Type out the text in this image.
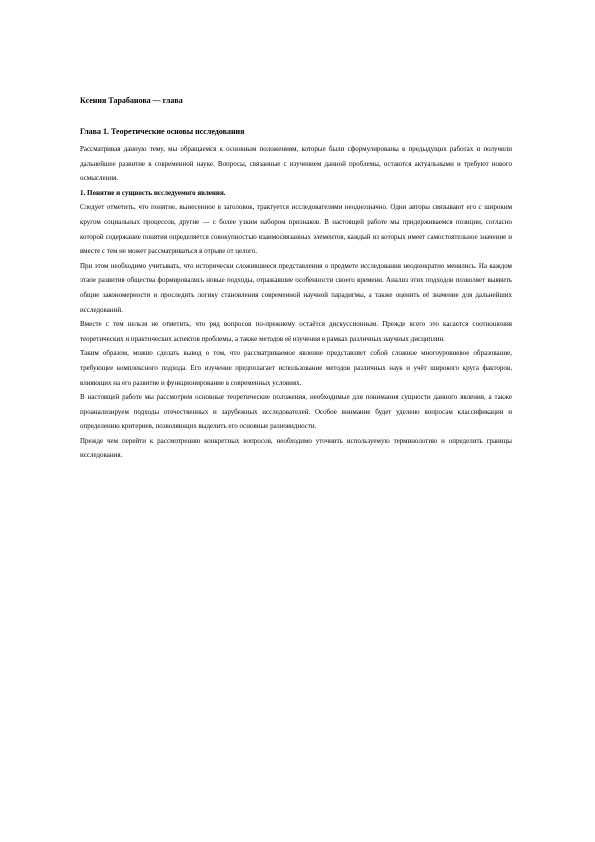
Ксения Тарабанова — глава
Глава 1. Теоретические основы исследования

Рассматривая данную тему, мы обращаемся к основным положениям, которые были сформулированы в предыдущих работах и получили дальнейшее развитие в современной науке. Вопросы, связанные с изучением данной проблемы, остаются актуальными и требуют нового осмысления.

1. Понятие и сущность исследуемого явления.

Следует отметить, что понятие, вынесенное в заголовок, трактуется исследователями неоднозначно. Одни авторы связывают его с широким кругом социальных процессов, другие — с более узким набором признаков. В настоящей работе мы придерживаемся позиции, согласно которой содержание понятия определяется совокупностью взаимосвязанных элементов, каждый из которых имеет самостоятельное значение и вместе с тем не может рассматриваться в отрыве от целого.

При этом необходимо учитывать, что исторически сложившиеся представления о предмете исследования неоднократно менялись. На каждом этапе развития общества формировались новые подходы, отражавшие особенности своего времени. Анализ этих подходов позволяет выявить общие закономерности и проследить логику становления современной научной парадигмы, а также оценить её значение для дальнейших исследований.

Вместе с тем нельзя не отметить, что ряд вопросов по-прежнему остаётся дискуссионным. Прежде всего это касается соотношения теоретических и практических аспектов проблемы, а также методов её изучения в рамках различных научных дисциплин.

Таким образом, можно сделать вывод о том, что рассматриваемое явление представляет собой сложное многоуровневое образование, требующее комплексного подхода. Его изучение предполагает использование методов различных наук и учёт широкого круга факторов, влияющих на его развитие и функционирование в современных условиях.

В настоящей работе мы рассмотрим основные теоретические положения, необходимые для понимания сущности данного явления, а также проанализируем подходы отечественных и зарубежных исследователей. Особое внимание будет уделено вопросам классификации и определению критериев, позволяющих выделить его основные разновидности.

Прежде чем перейти к рассмотрению конкретных вопросов, необходимо уточнить используемую терминологию и определить границы исследования.
